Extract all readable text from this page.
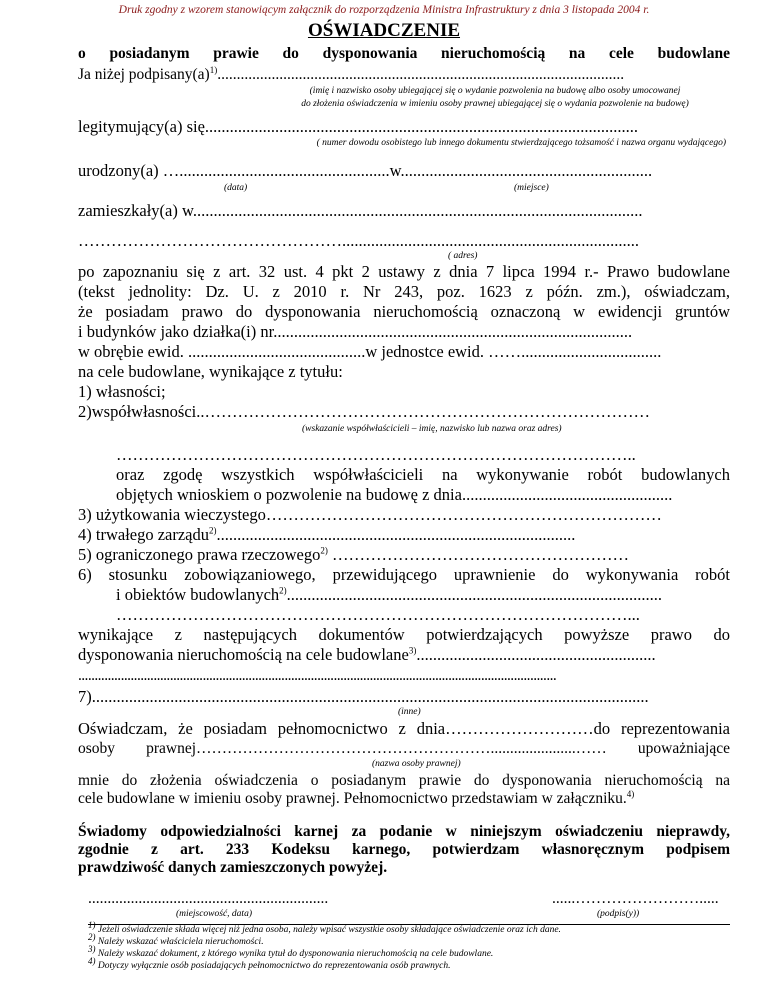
Druk zgodny z wzorem stanowiącym załącznik do rozporządzenia Ministra Infrastruktury z dnia 3 listopada 2004 r.
OŚWIADCZENIE
o posiadanym prawie do dysponowania nieruchomością na cele budowlane
Ja niżej $podpisany(a)^{1)}$.........................................................................................................
(imię i nazwisko osoby ubiegającej się o wydanie pozwolenia na budowę albo osoby umocowanej
do złożenia oświadczenia w imieniu osoby prawnej ubiegającej się o wydania pozwolenie na budowę)
legitymujący(a) się.........................................................................................................
( numer dowodu osobistego lub innego dokumentu stwierdzającego tożsamość i nazwa organu wydającego)
urodzony(a) …...................................................w.............................................................
(data)	(miejsce)
zamieszkały(a) w.............................................................................................................
…………………………………………........................................................................
( adres)
po zapoznaniu się z art. 32 ust. 4 pkt 2 ustawy z dnia 7 lipca 1994 r.- Prawo budowlane
(tekst jednolity: Dz. U. z 2010 r. Nr 243, poz. 1623 z późn. zm.), oświadczam,
że posiadam prawo do dysponowania nieruchomością oznaczoną w ewidencji gruntów
i budynków jako działka(i) nr.......................................................................................
w obrębie ewid. ...........................................w jednostce ewid. ……..................................
na cele budowlane, wynikające z tytułu:
1) własności;
2)współwłasności..………………………………………………………………………
(wskazanie współwłaścicieli – imię, nazwisko lub nazwa oraz adres)
…………………………………………………………………………………..
oraz zgodę wszystkich współwłaścicieli na wykonywanie robót budowlanych
objętych wnioskiem o pozwolenie na budowę z dnia...................................................
3) użytkowania wieczystego………………………………………………………………
4) trwałego zarządu$^{2)}$.......................................................................................
5) ograniczonego prawa rzeczowego$^{2)}$ ………………………………………………
6) stosunku zobowiązaniowego, przewidującego uprawnienie do wykonywania robót
i obiektów budowlanych$^{2)}$...........................................................................................
…………………………………………………………………………………...
wynikające z następujących dokumentów potwierdzających powyższe prawo do
dysponowania nieruchomością na cele budowlane$^{3)}$..........................................................
..................................................................................................................................................
7).......................................................................................................................................
(inne)
Oświadczam, że posiadam pełnomocnictwo z dnia………………………do reprezentowania
osoby prawnej…………………………………………………......................…… upoważniające
(nazwa osoby prawnej)
mnie do złożenia oświadczenia o posiadanym prawie do dysponowania nieruchomością na
cele budowlane w imieniu osoby prawnej. Pełnomocnictwo przedstawiam w załączniku.$^{4)}$
Świadomy odpowiedzialności karnej za podanie w niniejszym oświadczeniu nieprawdy,
zgodnie z art. 233 Kodeksu karnego, potwierdzam własnoręcznym podpisem
prawdziwość danych zamieszczonych powyżej.
..............................................................	......…………………….....
(miejscowość, data)	(podpis(y))
$^{1)}$ Jeżeli oświadczenie składa więcej niż jedna osoba, należy wpisać wszystkie osoby składające oświadczenie oraz ich dane.
$^{2)}$ Należy wskazać właściciela nieruchomości.
$^{3)}$ Należy wskazać dokument, z którego wynika tytuł do dysponowania nieruchomością na cele budowlane.
$^{4)}$ Dotyczy wyłącznie osób posiadających pełnomocnictwo do reprezentowania osób prawnych.
